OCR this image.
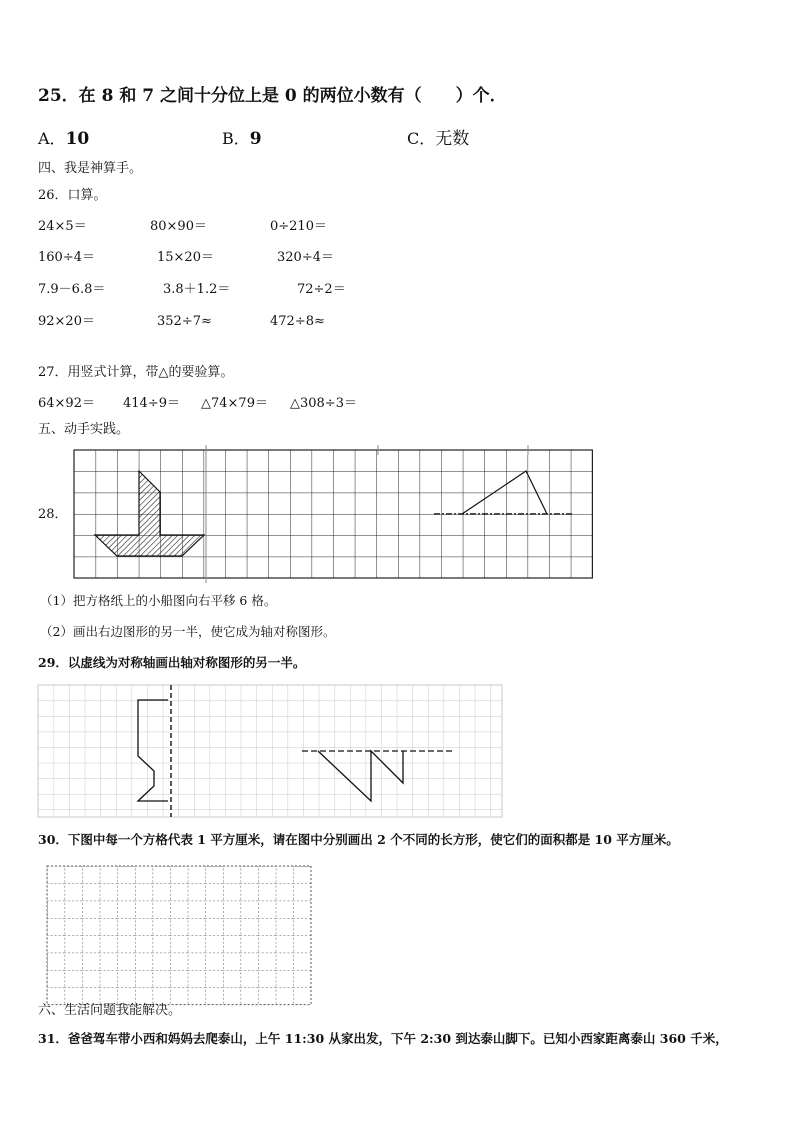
25．在 8 和 7 之间十分位上是 0 的两位小数有（　　）个．
A．10	B．9	C．无数
四、我是神算手。
26．口算。
24×5＝	80×90＝	0÷210＝
160÷4＝	15×20＝	320÷4＝
7.9－6.8＝	3.8＋1.2＝	72÷2＝
92×20＝	352÷7≈	472÷8≈
27．用竖式计算，带△的要验算。
64×92＝ 414÷9＝ △74×79＝ △308÷3＝
五、动手实践。
28．
（1）把方格纸上的小船图向右平移 6 格。
（2）画出右边图形的另一半，使它成为轴对称图形。
29．以虚线为对称轴画出轴对称图形的另一半。
30．下图中每一个方格代表 1 平方厘米，请在图中分别画出 2 个不同的长方形，使它们的面积都是 10 平方厘米。
六、生活问题我能解决。
31．爸爸驾车带小西和妈妈去爬泰山，上午 11:30 从家出发，下午 2:30 到达泰山脚下。已知小西家距离泰山 360 千米，
